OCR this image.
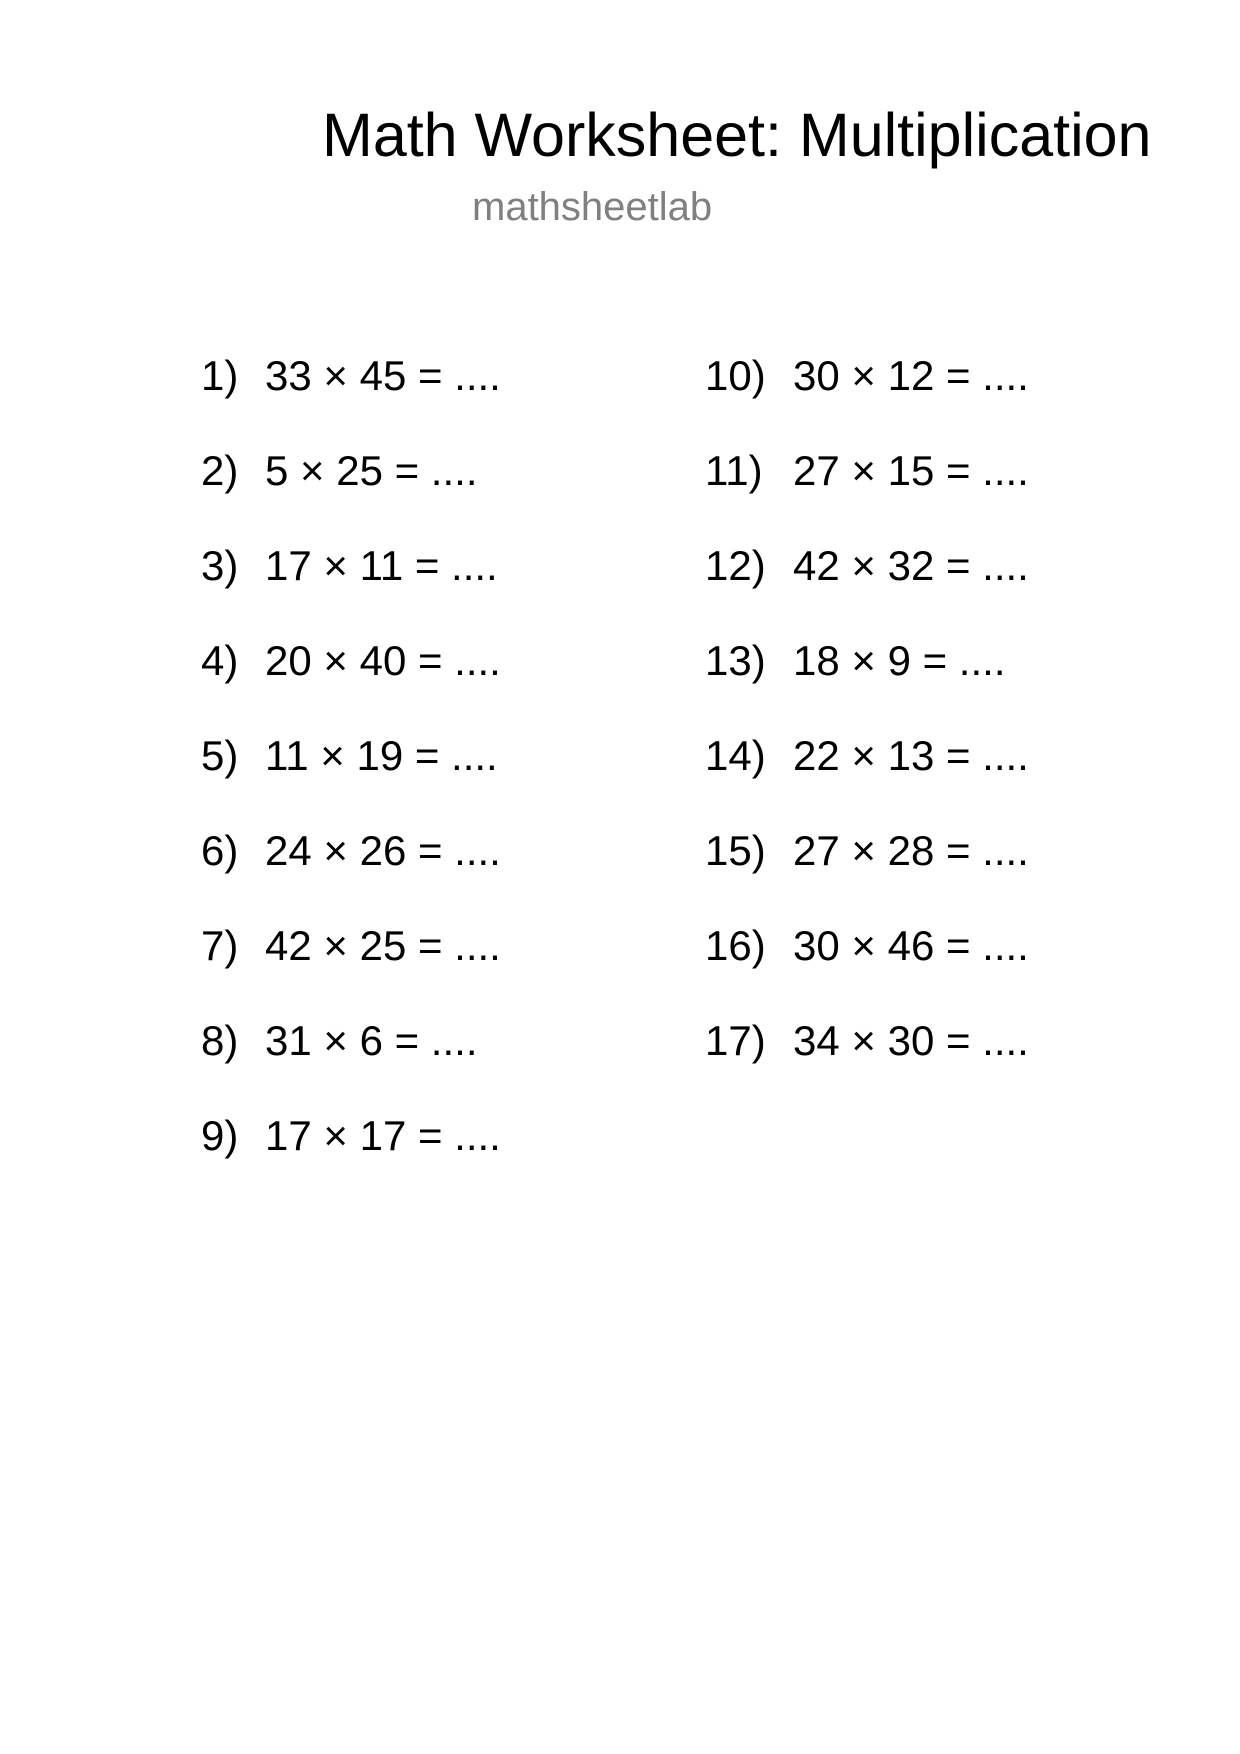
Math Worksheet: Multiplication
mathsheetlab
1) 33 × 45 = ....
2) 5 × 25 = ....
3) 17 × 11 = ....
4) 20 × 40 = ....
5) 11 × 19 = ....
6) 24 × 26 = ....
7) 42 × 25 = ....
8) 31 × 6 = ....
9) 17 × 17 = ....
10) 30 × 12 = ....
11) 27 × 15 = ....
12) 42 × 32 = ....
13) 18 × 9 = ....
14) 22 × 13 = ....
15) 27 × 28 = ....
16) 30 × 46 = ....
17) 34 × 30 = ....
